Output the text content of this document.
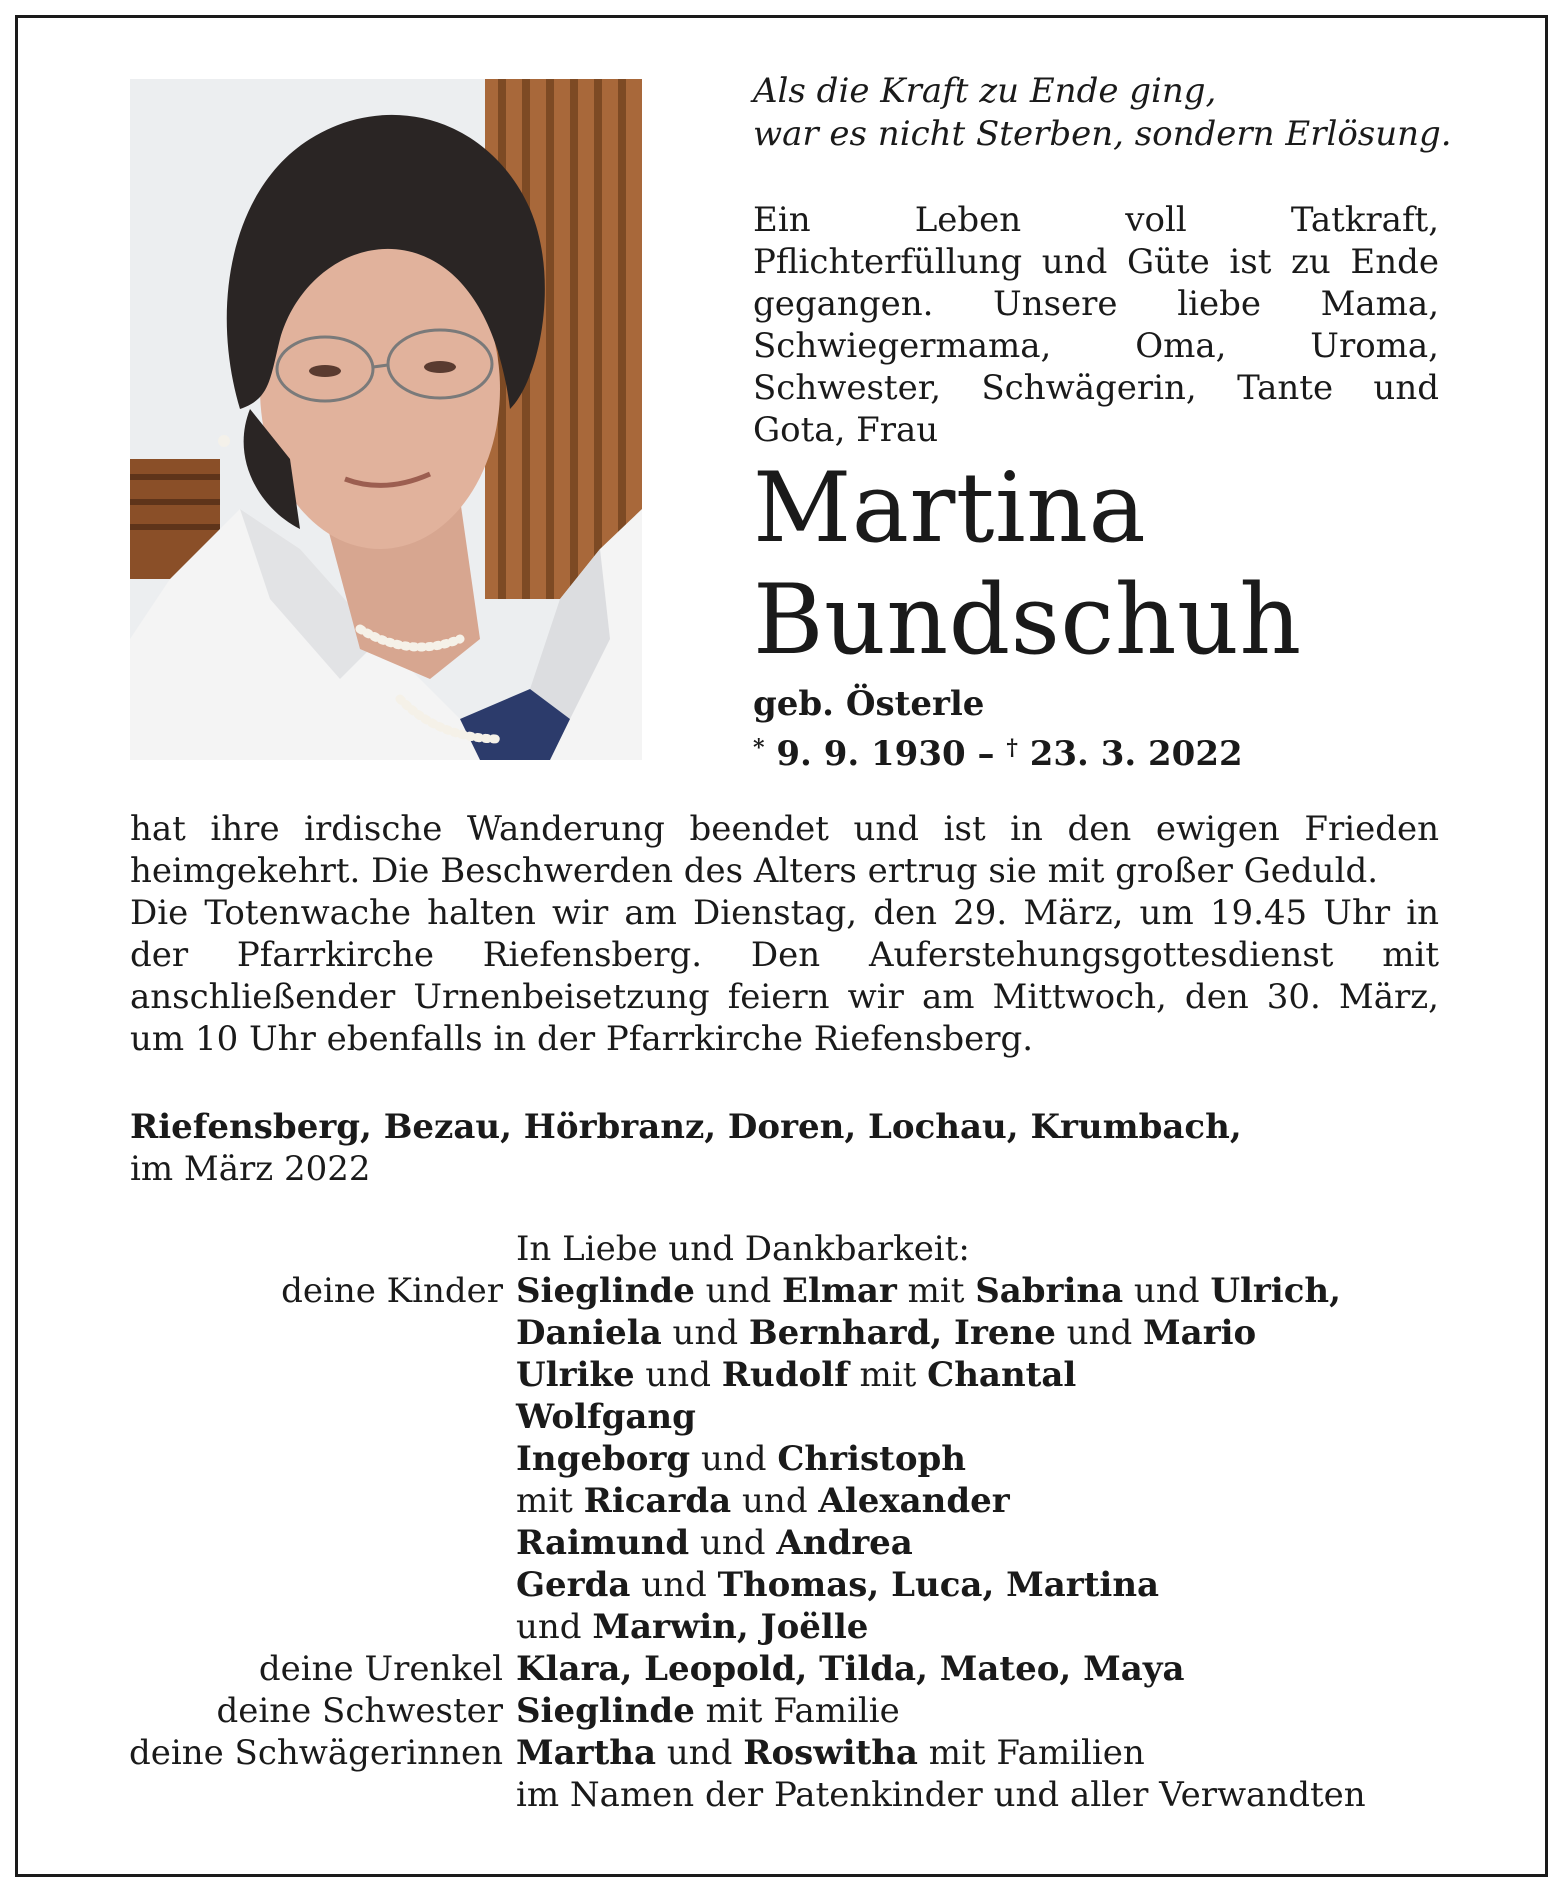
Als die Kraft zu Ende ging,
war es nicht Sterben, sondern Erlösung.
Ein Leben voll Tatkraft, Pflichterfüllung und Güte ist zu Ende gegangen. Unsere liebe Mama, Schwiegermama, Oma, Uroma, Schwester, Schwägerin, Tante und Gota, Frau
Martina
Bundschuh
geb. Österle
* 9. 9. 1930 – † 23. 3. 2022

hat ihre irdische Wanderung beendet und ist in den ewigen Frieden heimgekehrt. Die Beschwerden des Alters ertrug sie mit großer Geduld.

Die Totenwache halten wir am Dienstag, den 29. März, um 19.45 Uhr in der Pfarrkirche Riefensberg. Den Auferstehungsgottesdienst mit anschließender Urnenbeisetzung feiern wir am Mittwoch, den 30. März, um 10 Uhr ebenfalls in der Pfarrkirche Riefensberg.

Riefensberg, Bezau, Hörbranz, Doren, Lochau, Krumbach,
im März 2022
In Liebe und Dankbarkeit:
deine Kinder Sieglinde und Elmar mit Sabrina und Ulrich,
Daniela und Bernhard, Irene und Mario
Ulrike und Rudolf mit Chantal
Wolfgang
Ingeborg und Christoph
mit Ricarda und Alexander
Raimund und Andrea
Gerda und Thomas, Luca, Martina
und Marwin, Joëlle
deine Urenkel Klara, Leopold, Tilda, Mateo, Maya
deine Schwester Sieglinde mit Familie
deine Schwägerinnen Martha und Roswitha mit Familien
im Namen der Patenkinder und aller Verwandten
